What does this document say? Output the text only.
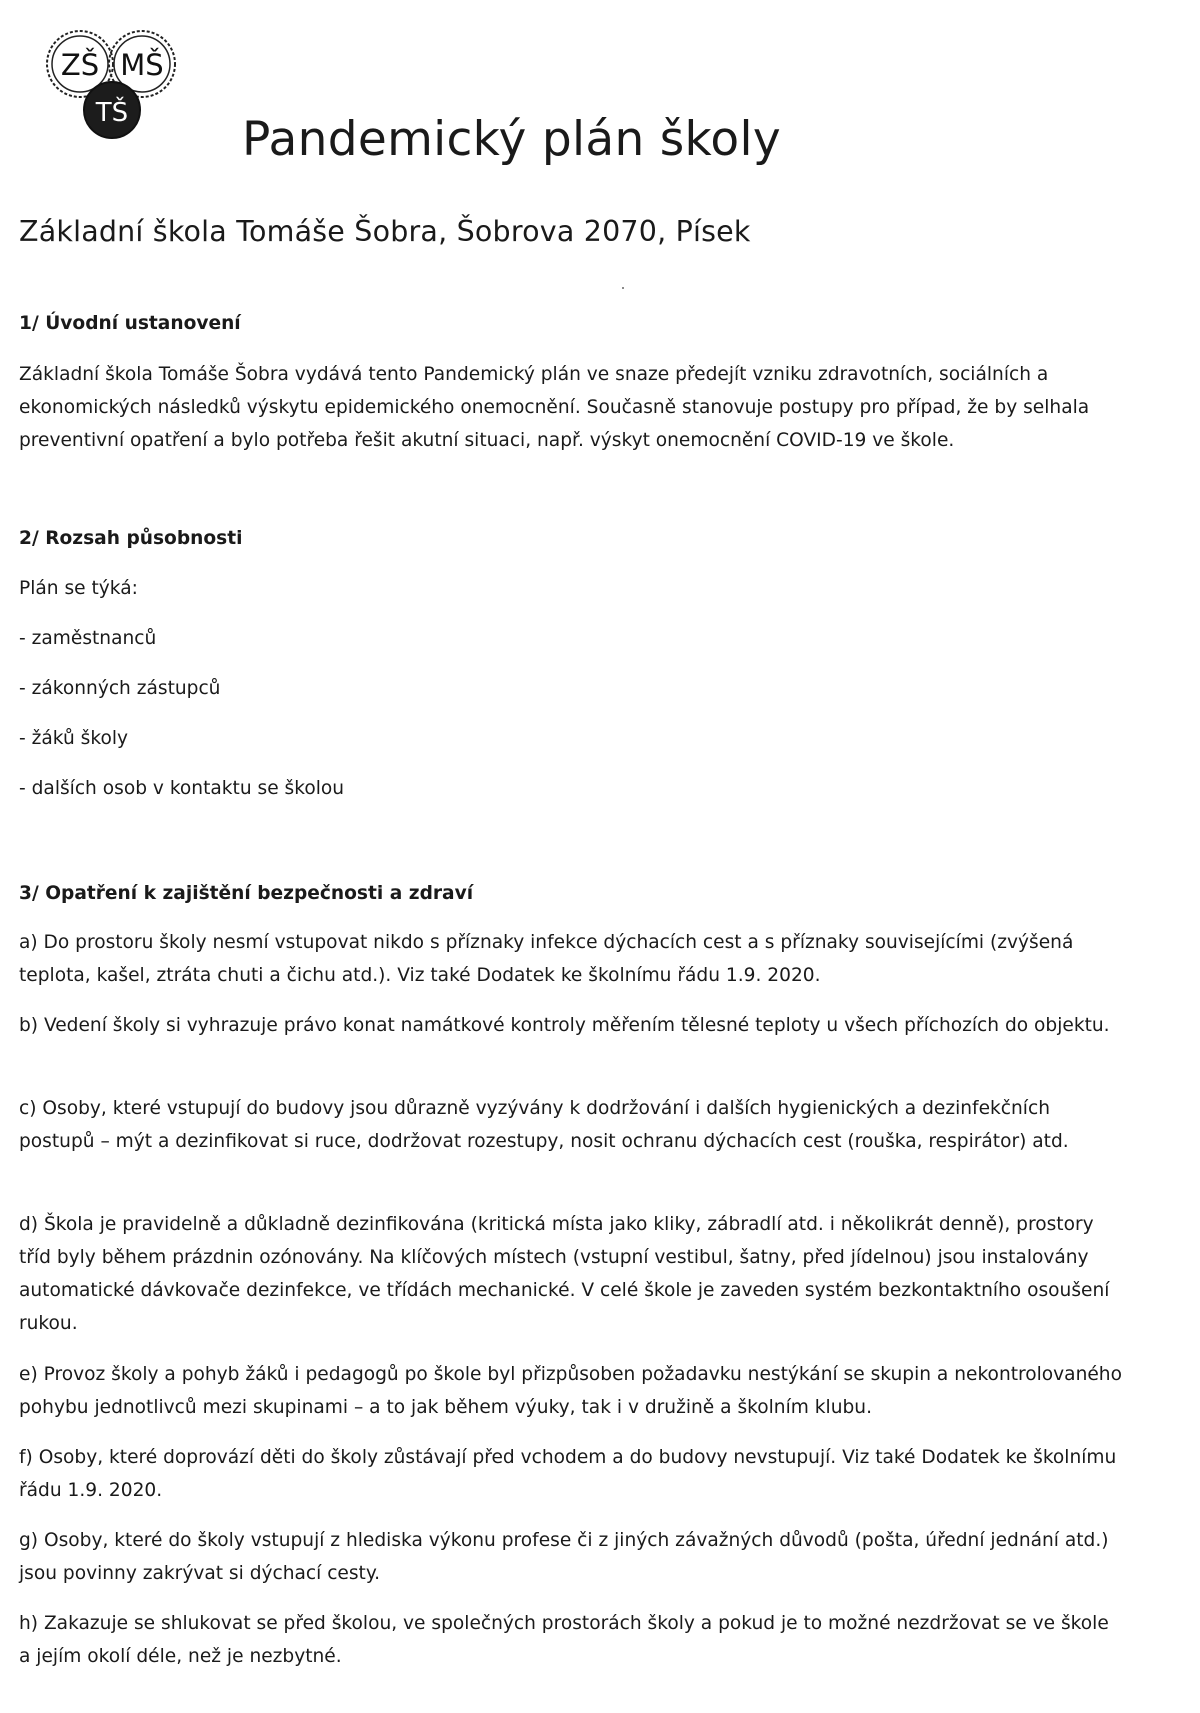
ZŠ MŠ
TŠ Pandemický plán školy
Základní škola Tomáše Šobra, Šobrova 2070, Písek
1/ Úvodní ustanovení

Základní škola Tomáše Šobra vydává tento Pandemický plán ve snaze předejít vzniku zdravotních, sociálních a ekonomických následků výskytu epidemického onemocnění. Současně stanovuje postupy pro případ, že by selhala preventivní opatření a bylo potřeba řešit akutní situaci, např. výskyt onemocnění COVID-19 ve škole.

2/ Rozsah působnosti

Plán se týká:

- zaměstnanců

- zákonných zástupců

- žáků školy

- dalších osob v kontaktu se školou

3/ Opatření k zajištění bezpečnosti a zdraví

a) Do prostoru školy nesmí vstupovat nikdo s příznaky infekce dýchacích cest a s příznaky souvisejícími (zvýšená teplota, kašel, ztráta chuti a čichu atd.). Viz také Dodatek ke školnímu řádu 1.9. 2020.

b) Vedení školy si vyhrazuje právo konat namátkové kontroly měřením tělesné teploty u všech příchozích do objektu.

c) Osoby, které vstupují do budovy jsou důrazně vyzývány k dodržování i dalších hygienických a dezinfekčních postupů – mýt a dezinfikovat si ruce, dodržovat rozestupy, nosit ochranu dýchacích cest (rouška, respirátor) atd.

d) Škola je pravidelně a důkladně dezinfikována (kritická místa jako kliky, zábradlí atd. i několikrát denně), prostory tříd byly během prázdnin ozónovány. Na klíčových místech (vstupní vestibul, šatny, před jídelnou) jsou instalovány automatické dávkovače dezinfekce, ve třídách mechanické. V celé škole je zaveden systém bezkontaktního osoušení rukou.

e) Provoz školy a pohyb žáků i pedagogů po škole byl přizpůsoben požadavku nestýkání se skupin a nekontrolovaného pohybu jednotlivců mezi skupinami – a to jak během výuky, tak i v družině a školním klubu.

f) Osoby, které doprovází děti do školy zůstávají před vchodem a do budovy nevstupují. Viz také Dodatek ke školnímu řádu 1.9. 2020.

g) Osoby, které do školy vstupují z hlediska výkonu profese či z jiných závažných důvodů (pošta, úřední jednání atd.) jsou povinny zakrývat si dýchací cesty.

h) Zakazuje se shlukovat se před školou, ve společných prostorách školy a pokud je to možné nezdržovat se ve škole a jejím okolí déle, než je nezbytné.
